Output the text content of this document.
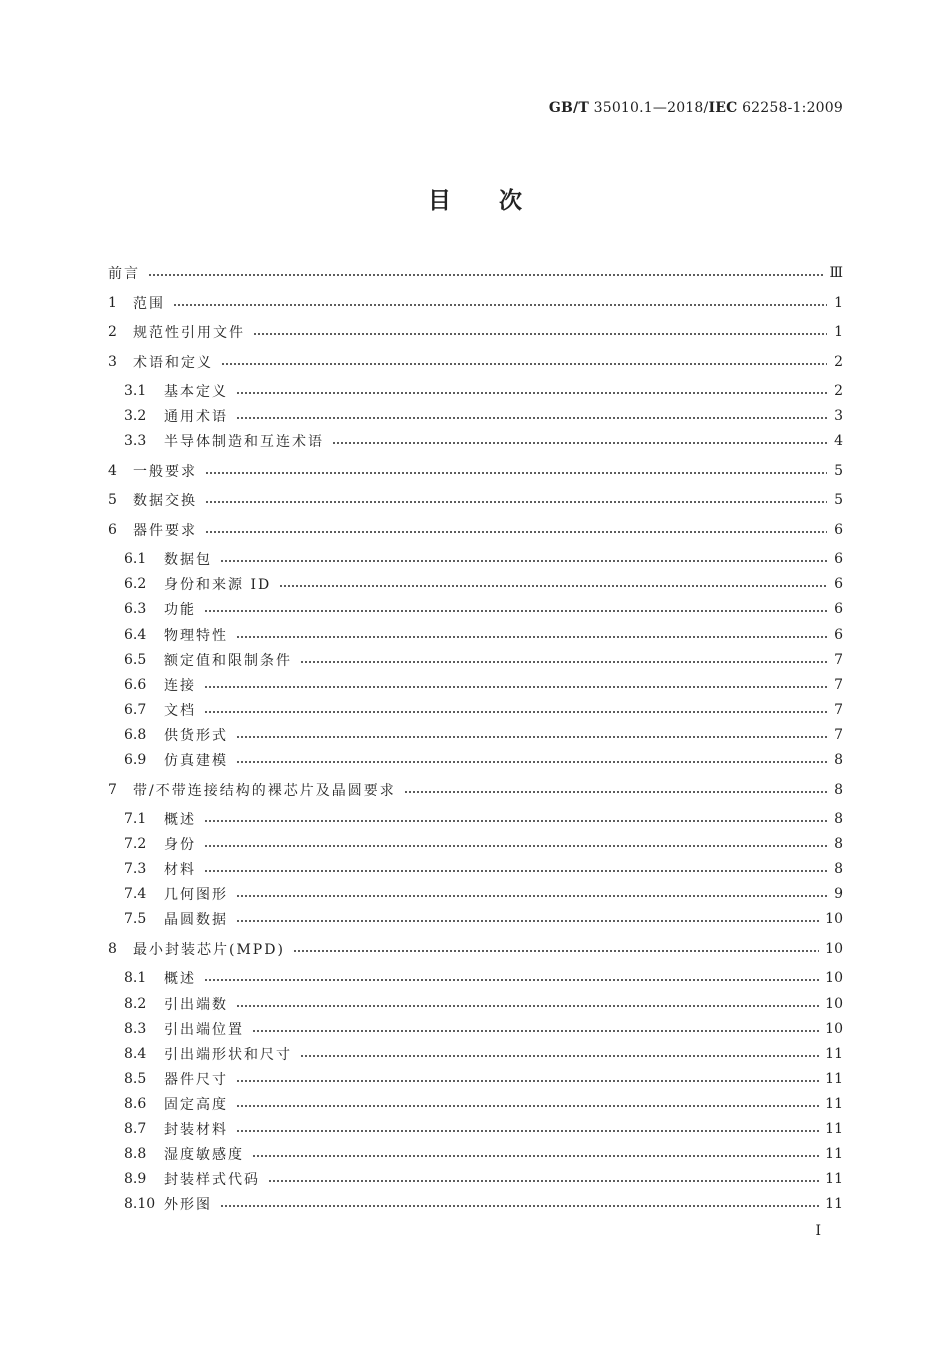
GB/T 35010.1—2018/IEC 62258-1:2009
目次
前言	Ⅲ
1	范围	1
2	规范性引用文件	1
3	术语和定义	2
3.1	基本定义	2
3.2	通用术语	3
3.3	半导体制造和互连术语	4
4	一般要求	5
5	数据交换	5
6	器件要求	6
6.1	数据包	6
6.2	身份和来源 ID	6
6.3	功能	6
6.4	物理特性	6
6.5	额定值和限制条件	7
6.6	连接	7
6.7	文档	7
6.8	供货形式	7
6.9	仿真建模	8
7	带/不带连接结构的裸芯片及晶圆要求	8
7.1	概述	8
7.2	身份	8
7.3	材料	8
7.4	几何图形	9
7.5	晶圆数据	10
8	最小封装芯片(MPD)	10
8.1	概述	10
8.2	引出端数	10
8.3	引出端位置	10
8.4	引出端形状和尺寸	11
8.5	器件尺寸	11
8.6	固定高度	11
8.7	封装材料	11
8.8	湿度敏感度	11
8.9	封装样式代码	11
8.10 外形图	11
I
